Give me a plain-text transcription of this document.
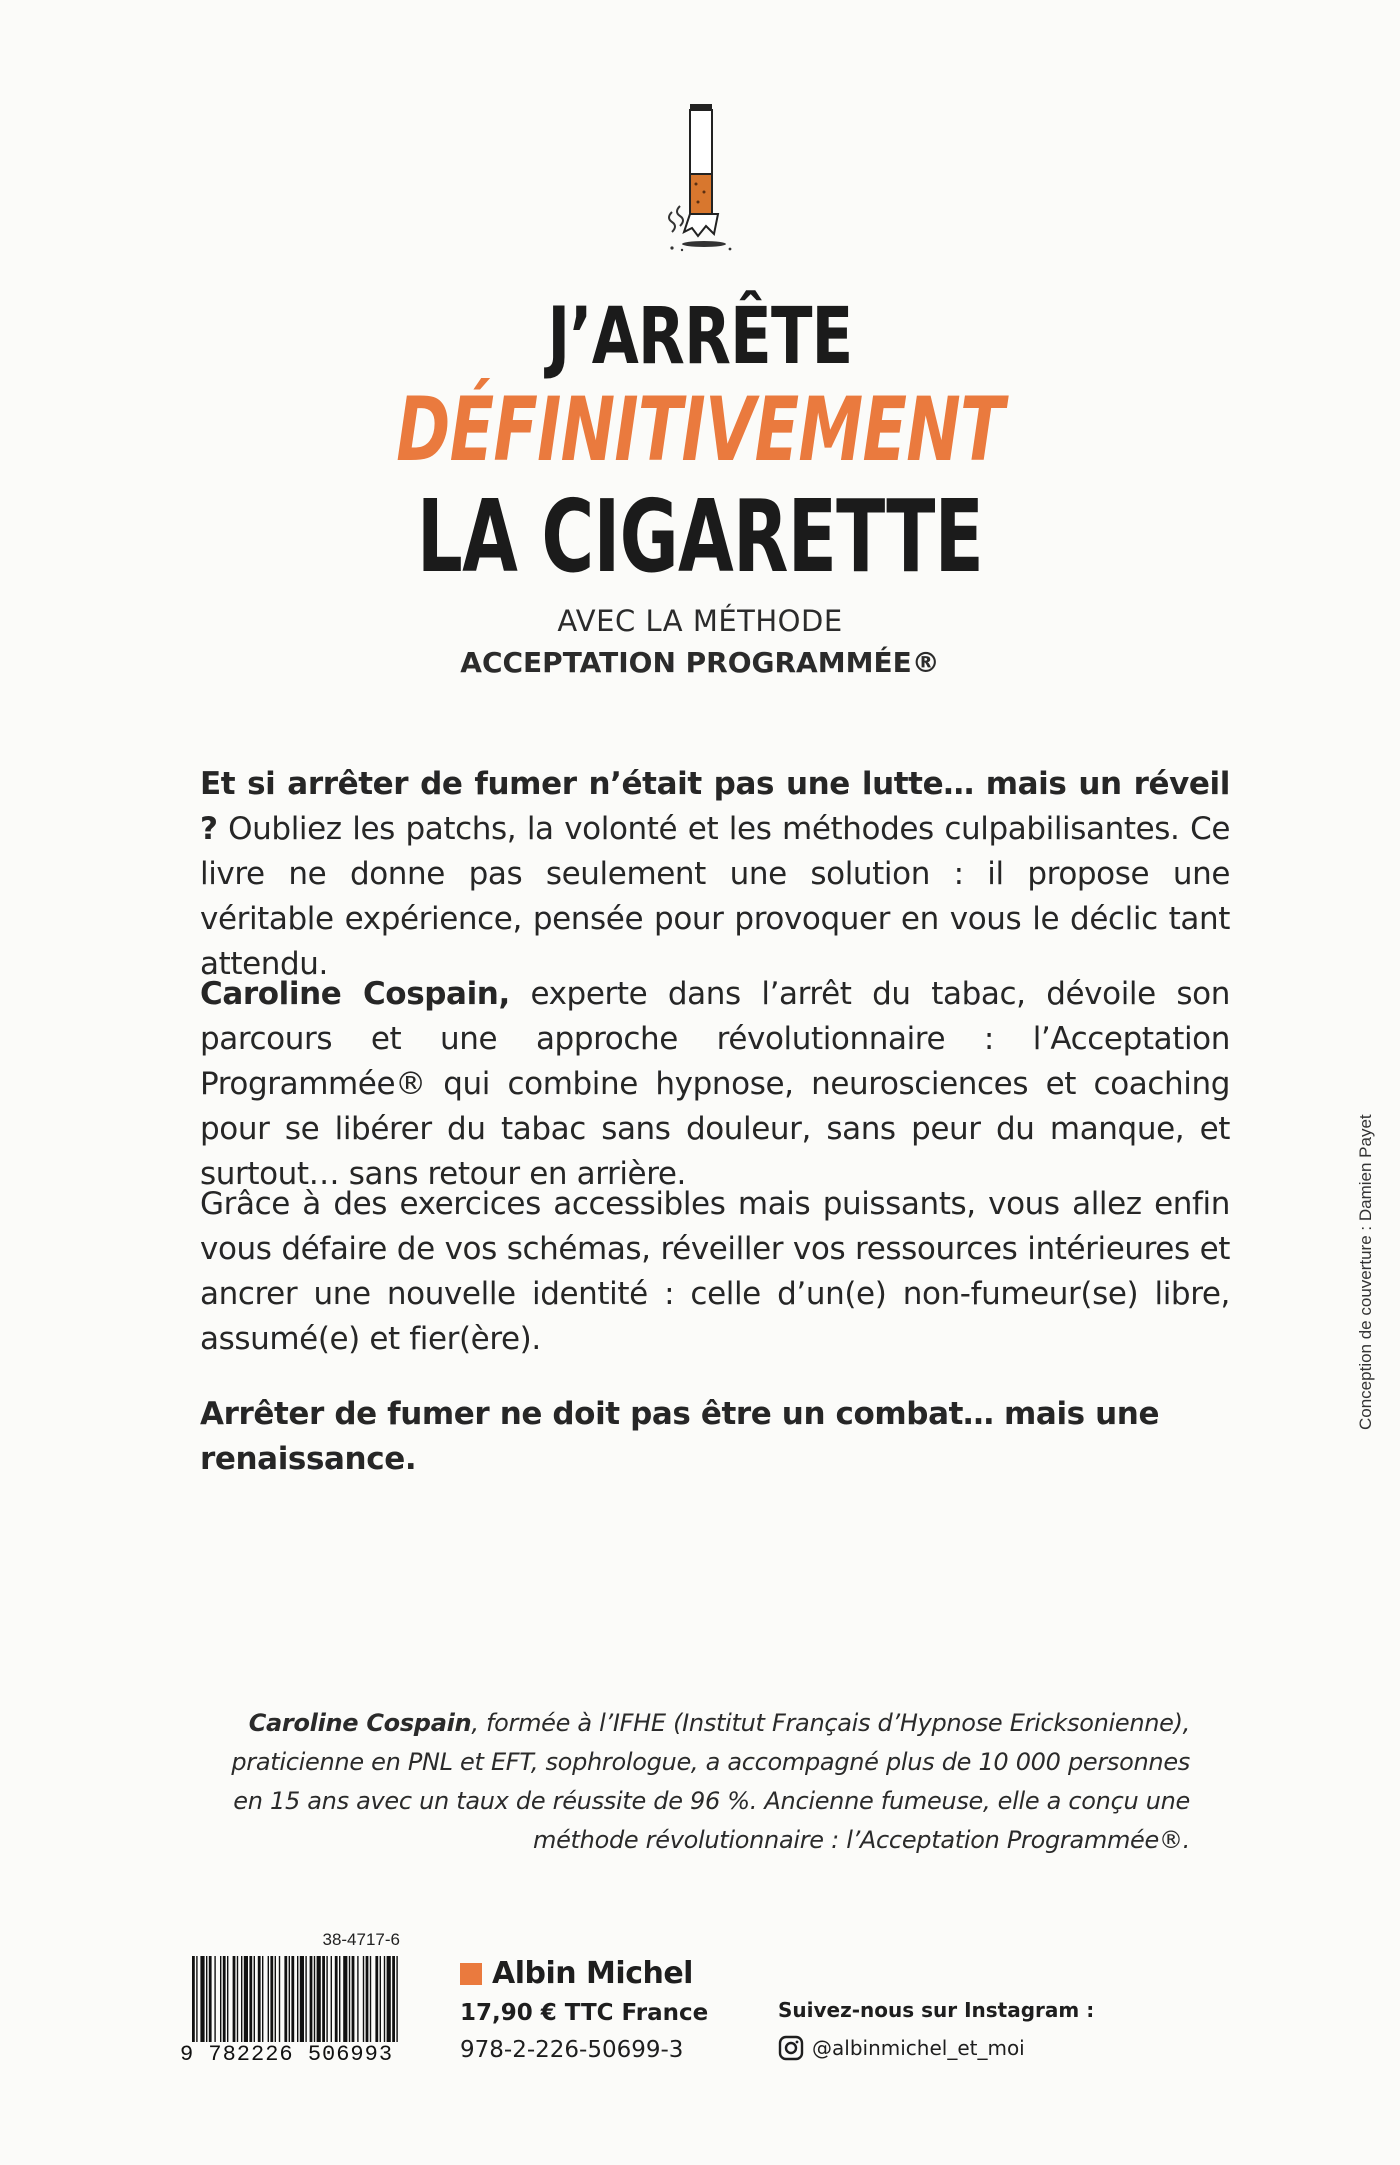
J’ARRÊTE
DÉFINITIVEMENT
LA CIGARETTE

AVEC LA MÉTHODE

ACCEPTATION PROGRAMMÉE®

Et si arrêter de fumer n’était pas une lutte… mais un réveil ? Oubliez les patchs, la volonté et les méthodes culpabilisantes. Ce livre ne donne pas seulement une solution : il propose une véritable expérience, pensée pour provoquer en vous le déclic tant attendu.

Caroline Cospain, experte dans l’arrêt du tabac, dévoile son parcours et une approche révolutionnaire : l’Acceptation Programmée® qui combine hypnose, neurosciences et coaching pour se libérer du tabac sans douleur, sans peur du manque, et surtout… sans retour en arrière.

Grâce à des exercices accessibles mais puissants, vous allez enfin vous défaire de vos schémas, réveiller vos ressources intérieures et ancrer une nouvelle identité : celle d’un(e) non-fumeur(se) libre, assumé(e) et fier(ère).

Arrêter de fumer ne doit pas être un combat… mais une renaissance.

Conception de couverture : Damien Payet

Caroline Cospain, formée à l’IFHE (Institut Français d’Hypnose Ericksonienne), praticienne en PNL et EFT, sophrologue, a accompagné plus de 10 000 personnes en 15 ans avec un taux de réussite de 96 %. Ancienne fumeuse, elle a conçu une méthode révolutionnaire : l’Acceptation Programmée®.

38-4717-6

9 782226 506993

Albin Michel

17,90 € TTC France

978-2-226-50699-3

Suivez-nous sur Instagram :

@albinmichel_et_moi
